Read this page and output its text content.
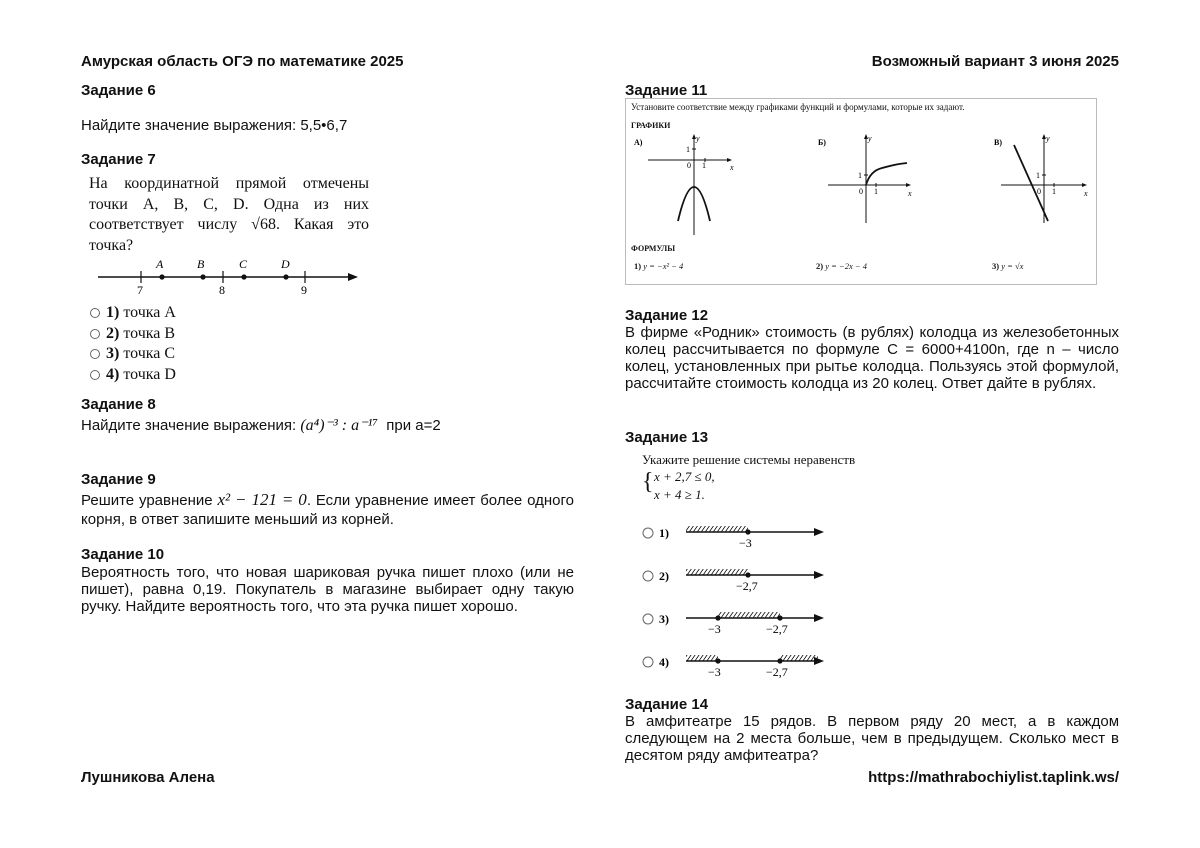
Амурская область ОГЭ по математике 2025	Возможный вариант 3 июня 2025
Задание 6
Найдите значение выражения: 5,5•6,7
Задание 7
На координатной прямой отмечены точки A, B, C, D. Одна из них соответствует числу √68. Какая это точка?
A	B	C	D
7	8	9
1) точка A
2) точка B
3) точка C
4) точка D
Задание 8
Найдите значение выражения: (a⁴)⁻³ : a⁻¹⁷ при a=2
Задание 9
Решите уравнение x² − 121 = 0. Если уравнение имеет более одного корня, в ответ запишите меньший из корней.
Задание 10
Вероятность того, что новая шариковая ручка пишет плохо (или не пишет), равна 0,19. Покупатель в магазине выбирает одну такую ручку. Найдите вероятность того, что эта ручка пишет хорошо.
Задание 11
Установите соответствие между графиками функций и формулами, которые их задают.
ГРАФИКИ
А)	y
x
1
0 1
Б)	y
x
1
0 1
В)	y
x
1
0 1
ФОРМУЛЫ
1) y = −x² − 4	2) y = −2x − 4	3) y = √x
Задание 12
В фирме «Родник» стоимость (в рублях) колодца из железобетонных колец рассчитывается по формуле C = 6000+4100n, где n – число колец, установленных при рытье колодца. Пользуясь этой формулой, рассчитайте стоимость колодца из 20 колец. Ответ дайте в рублях.
Задание 13
Укажите решение системы неравенств
{ x + 2,7 ≤ 0,
x + 4 ≥ 1.
1)
−3
2)
−2,7
3)
−3	−2,7
4)
−3	−2,7
Задание 14
В амфитеатре 15 рядов. В первом ряду 20 мест, а в каждом следующем на 2 места больше, чем в предыдущем. Сколько мест в десятом ряду амфитеатра?
Лушникова Алена	https://mathrabochiylist.taplink.ws/
